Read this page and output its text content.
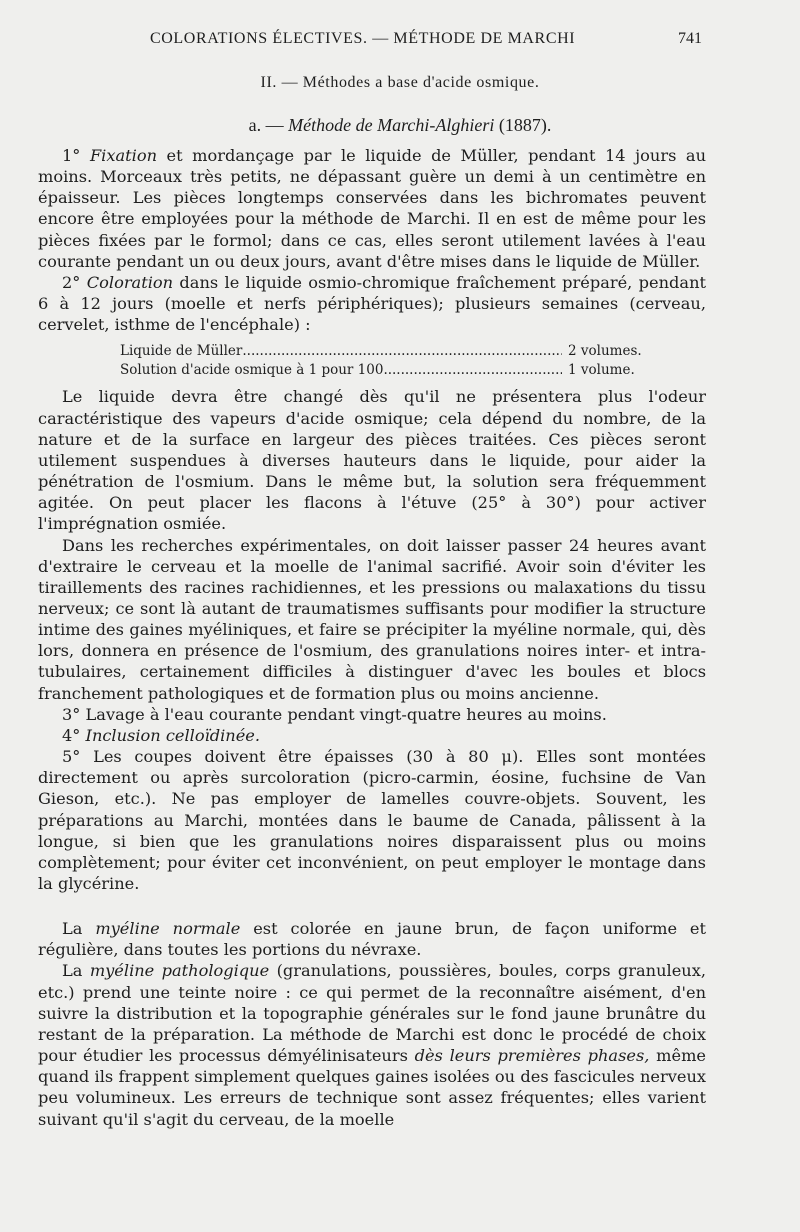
COLORATIONS ÉLECTIVES. — MÉTHODE DE MARCHI	741
II. — Méthodes a base d'acide osmique.
a. — Méthode de Marchi-Alghieri (1887).

1° Fixation et mordançage par le liquide de Müller, pendant 14 jours au moins. Morceaux très petits, ne dépassant guère un demi à un centimètre en épaisseur. Les pièces longtemps conservées dans les bichromates peuvent encore être employées pour la méthode de Marchi. Il en est de même pour les pièces fixées par le formol; dans ce cas, elles seront utilement lavées à l'eau courante pendant un ou deux jours, avant d'être mises dans le liquide de Müller.

2° Coloration dans le liquide osmio-chromique fraîchement préparé, pendant 6 à 12 jours (moelle et nerfs périphériques); plusieurs semaines (cerveau, cervelet, isthme de l'encéphale) :

Liquide de Müller .....	2 volumes.
Solution d'acide osmique à 1 pour 100 .....	1 volume.

Le liquide devra être changé dès qu'il ne présentera plus l'odeur caractéristique des vapeurs d'acide osmique; cela dépend du nombre, de la nature et de la surface en largeur des pièces traitées. Ces pièces seront utilement suspendues à diverses hauteurs dans le liquide, pour aider la pénétration de l'osmium. Dans le même but, la solution sera fréquemment agitée. On peut placer les flacons à l'étuve (25° à 30°) pour activer l'imprégnation osmiée.

Dans les recherches expérimentales, on doit laisser passer 24 heures avant d'extraire le cerveau et la moelle de l'animal sacrifié. Avoir soin d'éviter les tiraillements des racines rachidiennes, et les pressions ou malaxations du tissu nerveux; ce sont là autant de traumatismes suffisants pour modifier la structure intime des gaines myéliniques, et faire se précipiter la myéline normale, qui, dès lors, donnera en présence de l'osmium, des granulations noires inter- et intra-tubulaires, certainement difficiles à distinguer d'avec les boules et blocs franchement pathologiques et de formation plus ou moins ancienne.

3° Lavage à l'eau courante pendant vingt-quatre heures au moins.

4° Inclusion celloïdinée.

5° Les coupes doivent être épaisses (30 à 80 μ). Elles sont montées directement ou après surcoloration (picro-carmin, éosine, fuchsine de Van Gieson, etc.). Ne pas employer de lamelles couvre-objets. Souvent, les préparations au Marchi, montées dans le baume de Canada, pâlissent à la longue, si bien que les granulations noires disparaissent plus ou moins complètement; pour éviter cet inconvénient, on peut employer le montage dans la glycérine.

La myéline normale est colorée en jaune brun, de façon uniforme et régulière, dans toutes les portions du névraxe.

La myéline pathologique (granulations, poussières, boules, corps granuleux, etc.) prend une teinte noire : ce qui permet de la reconnaître aisément, d'en suivre la distribution et la topographie générales sur le fond jaune brunâtre du restant de la préparation. La méthode de Marchi est donc le procédé de choix pour étudier les processus démyélinisateurs dès leurs premières phases, même quand ils frappent simplement quelques gaines isolées ou des fascicules nerveux peu volumineux. Les erreurs de technique sont assez fréquentes; elles varient suivant qu'il s'agit du cerveau, de la moelle
